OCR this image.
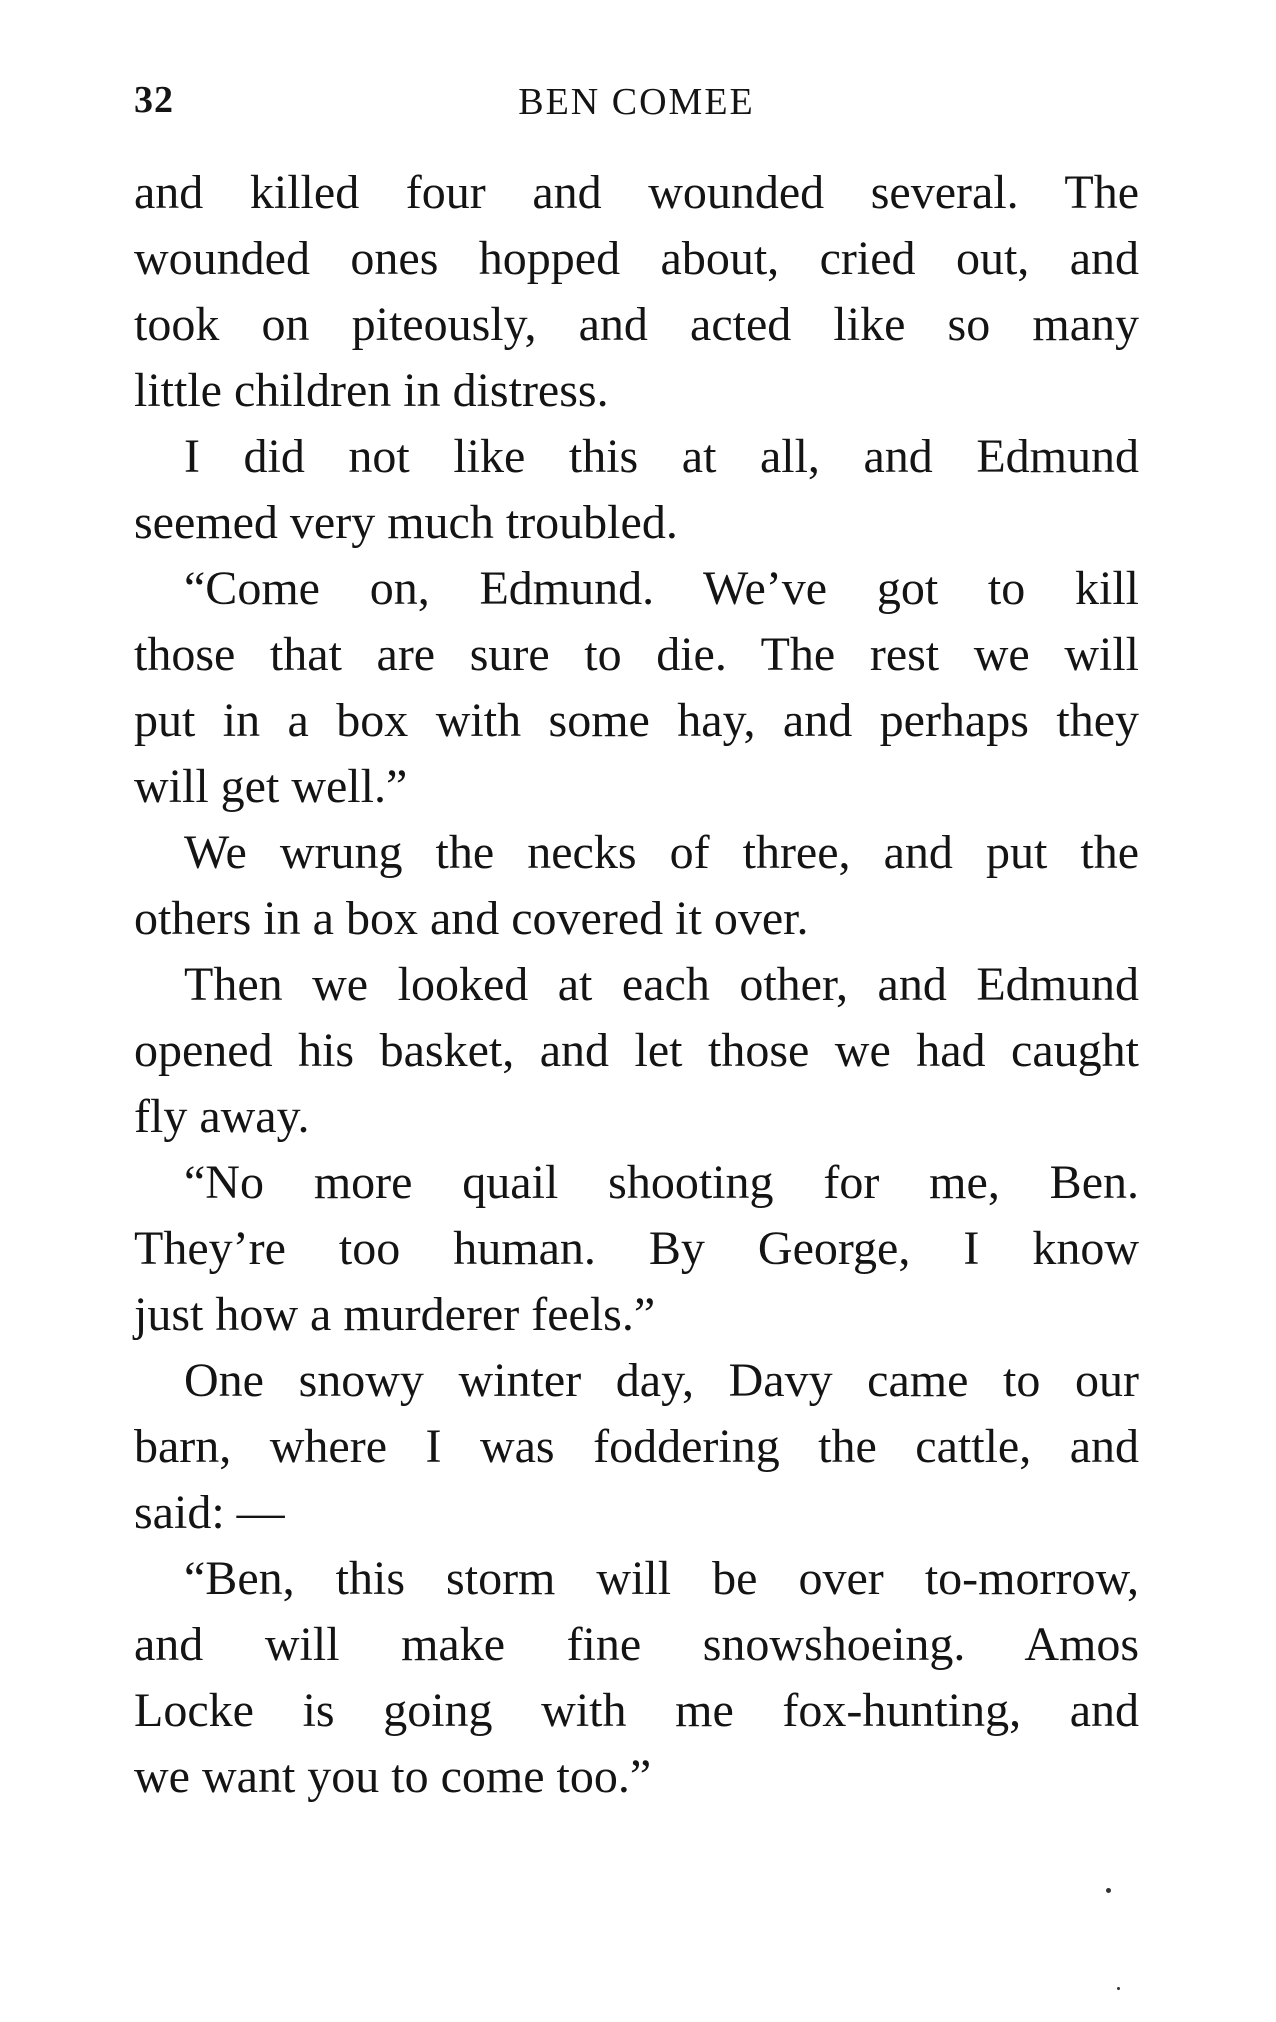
32	BEN COMEE

and killed four and wounded several. The
wounded ones hopped about, cried out, and
took on piteously, and acted like so many
little children in distress.

I did not like this at all, and Edmund
seemed very much troubled.

“Come on, Edmund. We’ve got to kill
those that are sure to die. The rest we will
put in a box with some hay, and perhaps they
will get well.”

We wrung the necks of three, and put the
others in a box and covered it over.

Then we looked at each other, and Edmund
opened his basket, and let those we had caught
fly away.

“No more quail shooting for me, Ben.
They’re too human. By George, I know
just how a murderer feels.”

One snowy winter day, Davy came to our
barn, where I was foddering the cattle, and
said: —

“Ben, this storm will be over to-morrow,
and will make fine snowshoeing. Amos
Locke is going with me fox-hunting, and
we want you to come too.”
